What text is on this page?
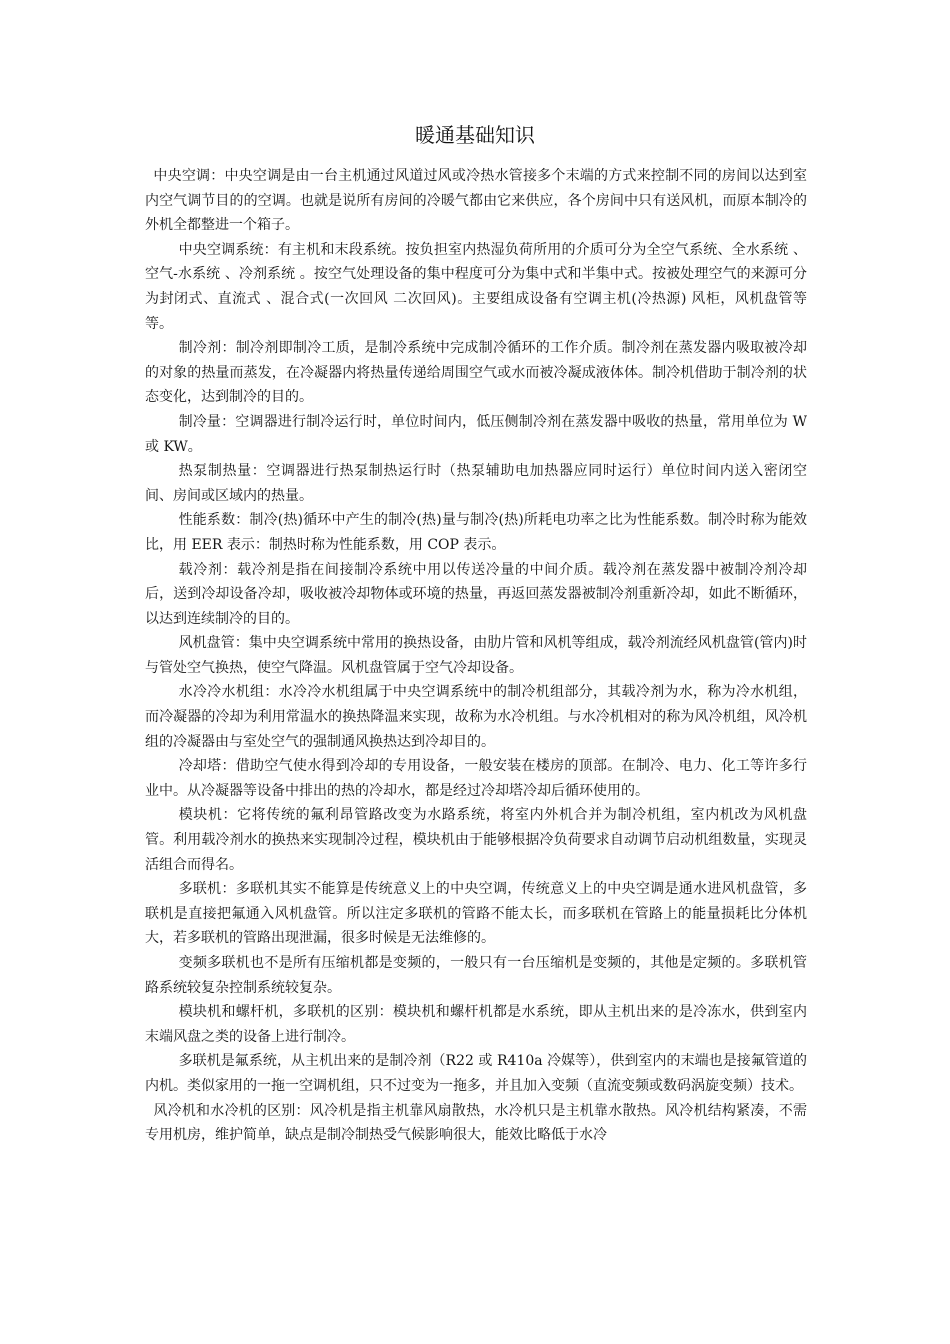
暖通基础知识

中央空调：中央空调是由一台主机通过风道过风或冷热水管接多个末端的方式来控制不同的房间以达到室内空气调节目的的空调。也就是说所有房间的冷暖气都由它来供应，各个房间中只有送风机，而原本制冷的外机全都整进一个箱子。

中央空调系统：有主机和末段系统。按负担室内热湿负荷所用的介质可分为全空气系统、全水系统 、空气-水系统 、冷剂系统 。按空气处理设备的集中程度可分为集中式和半集中式。按被处理空气的来源可分为封闭式、直流式 、混合式(一次回风 二次回风)。主要组成设备有空调主机(冷热源) 风柜，风机盘管等等。

制冷剂：制冷剂即制冷工质，是制冷系统中完成制冷循环的工作介质。制冷剂在蒸发器内吸取被冷却的对象的热量而蒸发，在冷凝器内将热量传递给周围空气或水而被冷凝成液体体。制冷机借助于制冷剂的状态变化，达到制冷的目的。

制冷量：空调器进行制冷运行时，单位时间内，低压侧制冷剂在蒸发器中吸收的热量，常用单位为 W 或 KW。

热泵制热量：空调器进行热泵制热运行时（热泵辅助电加热器应同时运行）单位时间内送入密闭空间、房间或区域内的热量。

性能系数：制冷(热)循环中产生的制冷(热)量与制冷(热)所耗电功率之比为性能系数。制冷时称为能效比，用 EER 表示：制热时称为性能系数，用 COP 表示。

载冷剂：载冷剂是指在间接制冷系统中用以传送冷量的中间介质。载冷剂在蒸发器中被制冷剂冷却后，送到冷却设备冷却，吸收被冷却物体或环境的热量，再返回蒸发器被制冷剂重新冷却，如此不断循环，以达到连续制冷的目的。

风机盘管：集中央空调系统中常用的换热设备，由肋片管和风机等组成，载冷剂流经风机盘管(管内)时与管处空气换热，使空气降温。风机盘管属于空气冷却设备。

水冷冷水机组：水冷冷水机组属于中央空调系统中的制冷机组部分，其载冷剂为水，称为冷水机组，而冷凝器的冷却为利用常温水的换热降温来实现，故称为水冷机组。与水冷机相对的称为风冷机组，风冷机组的冷凝器由与室处空气的强制通风换热达到冷却目的。

冷却塔：借助空气使水得到冷却的专用设备，一般安装在楼房的顶部。在制冷、电力、化工等许多行业中。从冷凝器等设备中排出的热的冷却水，都是经过冷却塔冷却后循环使用的。

模块机：它将传统的氟利昂管路改变为水路系统，将室内外机合并为制冷机组，室内机改为风机盘管。利用载冷剂水的换热来实现制冷过程，模块机由于能够根据冷负荷要求自动调节启动机组数量，实现灵活组合而得名。

多联机：多联机其实不能算是传统意义上的中央空调，传统意义上的中央空调是通水进风机盘管，多联机是直接把氟通入风机盘管。所以注定多联机的管路不能太长，而多联机在管路上的能量损耗比分体机大，若多联机的管路出现泄漏，很多时候是无法维修的。

变频多联机也不是所有压缩机都是变频的，一般只有一台压缩机是变频的，其他是定频的。多联机管路系统较复杂控制系统较复杂。

模块机和螺杆机，多联机的区别：模块机和螺杆机都是水系统，即从主机出来的是冷冻水，供到室内末端风盘之类的设备上进行制冷。

多联机是氟系统，从主机出来的是制冷剂（R22 或 R410a 冷媒等），供到室内的末端也是接氟管道的内机。类似家用的一拖一空调机组，只不过变为一拖多，并且加入变频（直流变频或数码涡旋变频）技术。

风冷机和水冷机的区别：风冷机是指主机靠风扇散热，水冷机只是主机靠水散热。风冷机结构紧凑，不需专用机房，维护简单，缺点是制冷制热受气候影响很大，能效比略低于水冷
